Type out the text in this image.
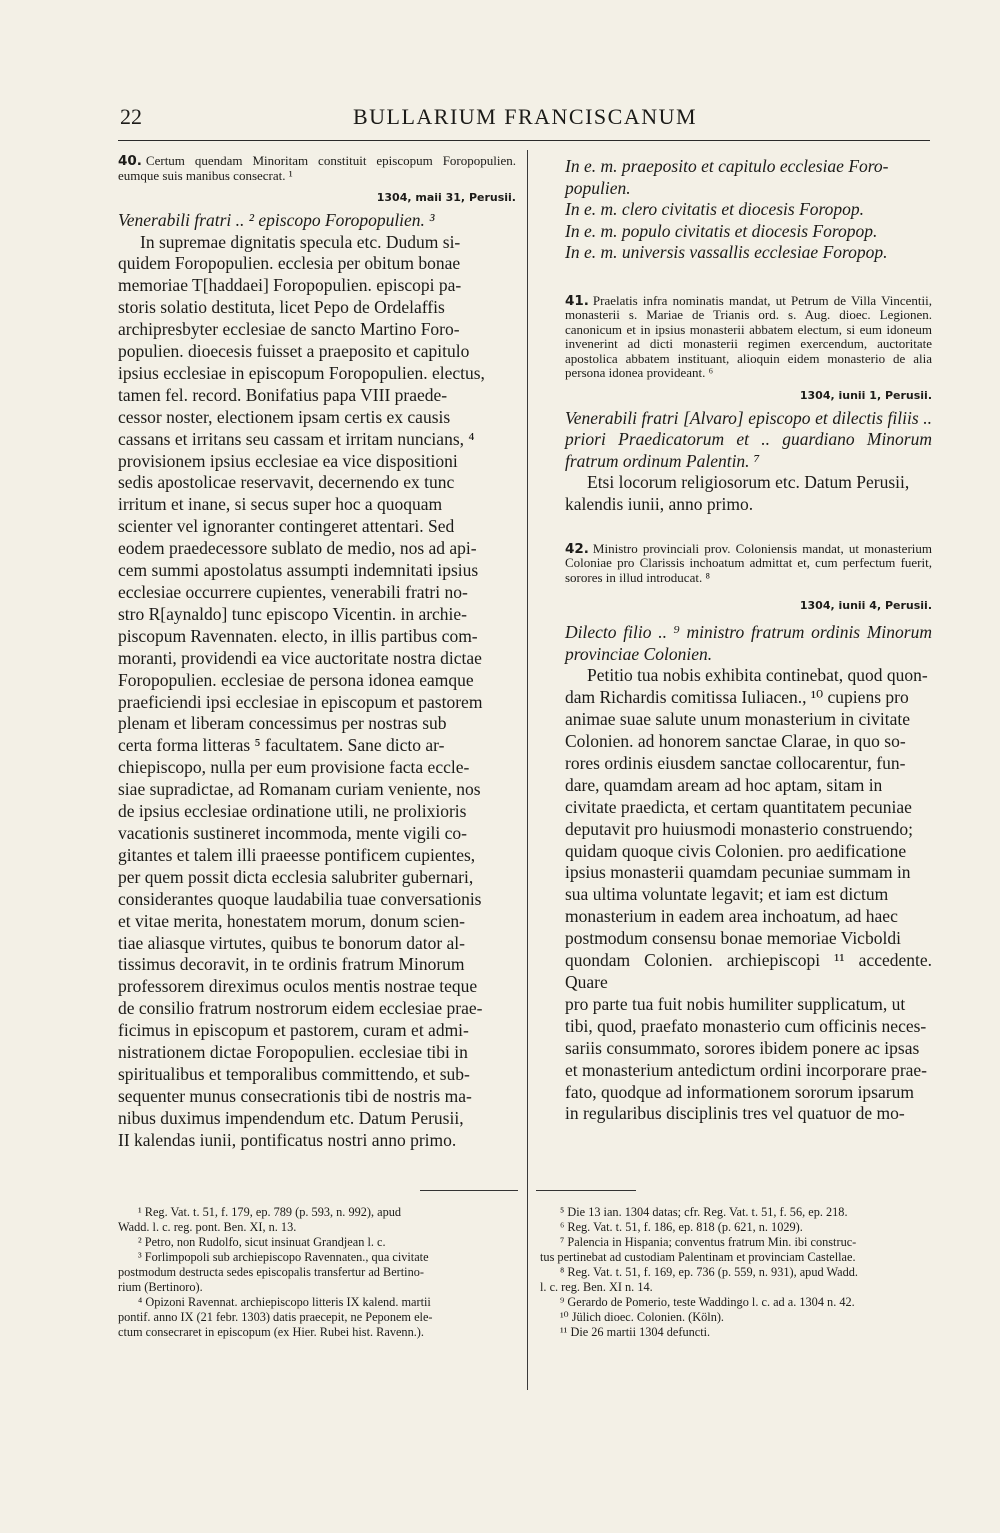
22	BULLARIUM FRANCISCANUM

40. Certum quendam Minoritam constituit episcopum Foropopulien. eumque suis manibus consecrat. ¹

1304, maii 31, Perusii.

Venerabili fratri .. ² episcopo Foropopulien. ³

In supremae dignitatis specula etc. Dudum si-
quidem Foropopulien. ecclesia per obitum bonae
memoriae T[haddaei] Foropopulien. episcopi pa-
storis solatio destituta, licet Pepo de Ordelaffis
archipresbyter ecclesiae de sancto Martino Foro-
populien. dioecesis fuisset a praeposito et capitulo
ipsius ecclesiae in episcopum Foropopulien. electus,
tamen fel. record. Bonifatius papa VIII praede-
cessor noster, electionem ipsam certis ex causis
cassans et irritans seu cassam et irritam nuncians, ⁴
provisionem ipsius ecclesiae ea vice dispositioni
sedis apostolicae reservavit, decernendo ex tunc
irritum et inane, si secus super hoc a quoquam
scienter vel ignoranter contingeret attentari. Sed
eodem praedecessore sublato de medio, nos ad api-
cem summi apostolatus assumpti indemnitati ipsius
ecclesiae occurrere cupientes, venerabili fratri no-
stro R[aynaldo] tunc episcopo Vicentin. in archie-
piscopum Ravennaten. electo, in illis partibus com-
moranti, providendi ea vice auctoritate nostra dictae
Foropopulien. ecclesiae de persona idonea eamque
praeficiendi ipsi ecclesiae in episcopum et pastorem
plenam et liberam concessimus per nostras sub
certa forma litteras ⁵ facultatem. Sane dicto ar-
chiepiscopo, nulla per eum provisione facta eccle-
siae supradictae, ad Romanam curiam veniente, nos
de ipsius ecclesiae ordinatione utili, ne prolixioris
vacationis sustineret incommoda, mente vigili co-
gitantes et talem illi praeesse pontificem cupientes,
per quem possit dicta ecclesia salubriter gubernari,
considerantes quoque laudabilia tuae conversationis
et vitae merita, honestatem morum, donum scien-
tiae aliasque virtutes, quibus te bonorum dator al-
tissimus decoravit, in te ordinis fratrum Minorum
professorem direximus oculos mentis nostrae teque
de consilio fratrum nostrorum eidem ecclesiae prae-
ficimus in episcopum et pastorem, curam et admi-
nistrationem dictae Foropopulien. ecclesiae tibi in
spiritualibus et temporalibus committendo, et sub-
sequenter munus consecrationis tibi de nostris ma-
nibus duximus impendendum etc. Datum Perusii,
II kalendas iunii, pontificatus nostri anno primo.
In e. m. praeposito et capitulo ecclesiae Foro-
populien.
In e. m. clero civitatis et diocesis Foropop.
In e. m. populo civitatis et diocesis Foropop.
In e. m. universis vassallis ecclesiae Foropop.

41. Praelatis infra nominatis mandat, ut Petrum de Villa Vincentii, monasterii s. Mariae de Trianis ord. s. Aug. dioec. Legionen. canonicum et in ipsius monasterii abbatem electum, si eum idoneum invenerint ad dicti monasterii regimen exercendum, auctoritate apostolica abbatem instituant, alioquin eidem monasterio de alia persona idonea provideant. ⁶

1304, iunii 1, Perusii.

Venerabili fratri [Alvaro] episcopo et dilectis filiis .. priori Praedicatorum et .. guardiano Minorum fratrum ordinum Palentin. ⁷

Etsi locorum religiosorum etc. Datum Perusii,
kalendis iunii, anno primo.

42. Ministro provinciali prov. Coloniensis mandat, ut monasterium Coloniae pro Clarissis inchoatum admittat et, cum perfectum fuerit, sorores in illud introducat. ⁸

1304, iunii 4, Perusii.

Dilecto filio .. ⁹ ministro fratrum ordinis Minorum provinciae Colonien.

Petitio tua nobis exhibita continebat, quod quon-
dam Richardis comitissa Iuliacen., ¹⁰ cupiens pro
animae suae salute unum monasterium in civitate
Colonien. ad honorem sanctae Clarae, in quo so-
rores ordinis eiusdem sanctae collocarentur, fun-
dare, quamdam aream ad hoc aptam, sitam in
civitate praedicta, et certam quantitatem pecuniae
deputavit pro huiusmodi monasterio construendo;
quidam quoque civis Colonien. pro aedificatione
ipsius monasterii quamdam pecuniae summam in
sua ultima voluntate legavit; et iam est dictum
monasterium in eadem area inchoatum, ad haec
postmodum consensu bonae memoriae Vicboldi
quondam Colonien. archiepiscopi ¹¹ accedente. Quare
pro parte tua fuit nobis humiliter supplicatum, ut
tibi, quod, praefato monasterio cum officinis neces-
sariis consummato, sorores ibidem ponere ac ipsas
et monasterium antedictum ordini incorporare prae-
fato, quodque ad informationem sororum ipsarum
in regularibus disciplinis tres vel quatuor de mo-
¹ Reg. Vat. t. 51, f. 179, ep. 789 (p. 593, n. 992), apud
Wadd. l. c. reg. pont. Ben. XI, n. 13.
² Petro, non Rudolfo, sicut insinuat Grandjean l. c.
³ Forlimpopoli sub archiepiscopo Ravennaten., qua civitate
postmodum destructa sedes episcopalis transfertur ad Bertino-
rium (Bertinoro).
⁴ Opizoni Ravennat. archiepiscopo litteris IX kalend. martii
pontif. anno IX (21 febr. 1303) datis praecepit, ne Peponem ele-
ctum consecraret in episcopum (ex Hier. Rubei hist. Ravenn.).
⁵ Die 13 ian. 1304 datas; cfr. Reg. Vat. t. 51, f. 56, ep. 218.
⁶ Reg. Vat. t. 51, f. 186, ep. 818 (p. 621, n. 1029).
⁷ Palencia in Hispania; conventus fratrum Min. ibi construc-
tus pertinebat ad custodiam Palentinam et provinciam Castellae.
⁸ Reg. Vat. t. 51, f. 169, ep. 736 (p. 559, n. 931), apud Wadd.
l. c. reg. Ben. XI n. 14.
⁹ Gerardo de Pomerio, teste Waddingo l. c. ad a. 1304 n. 42.
¹⁰ Jülich dioec. Colonien. (Köln).
¹¹ Die 26 martii 1304 defuncti.
